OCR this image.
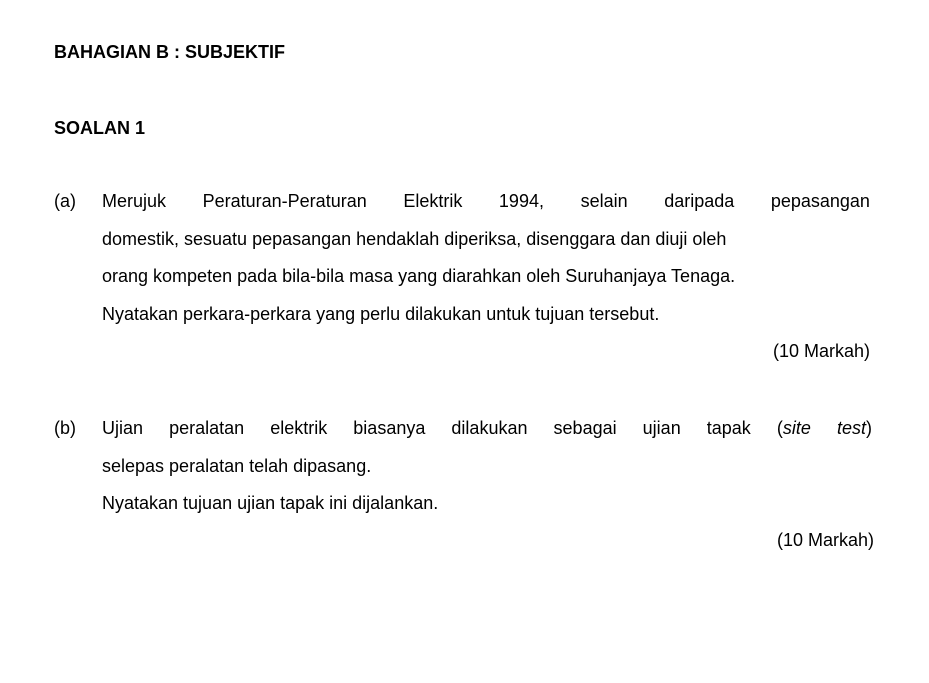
BAHAGIAN B : SUBJEKTIF
SOALAN 1
(a) Merujuk Peraturan-Peraturan Elektrik 1994, selain daripada pepasangan
domestik, sesuatu pepasangan hendaklah diperiksa, disenggara dan diuji oleh
orang kompeten pada bila-bila masa yang diarahkan oleh Suruhanjaya Tenaga.
Nyatakan perkara-perkara yang perlu dilakukan untuk tujuan tersebut.
(10 Markah)
(b) Ujian peralatan elektrik biasanya dilakukan sebagai ujian tapak (site test)
selepas peralatan telah dipasang.
Nyatakan tujuan ujian tapak ini dijalankan.
(10 Markah)
